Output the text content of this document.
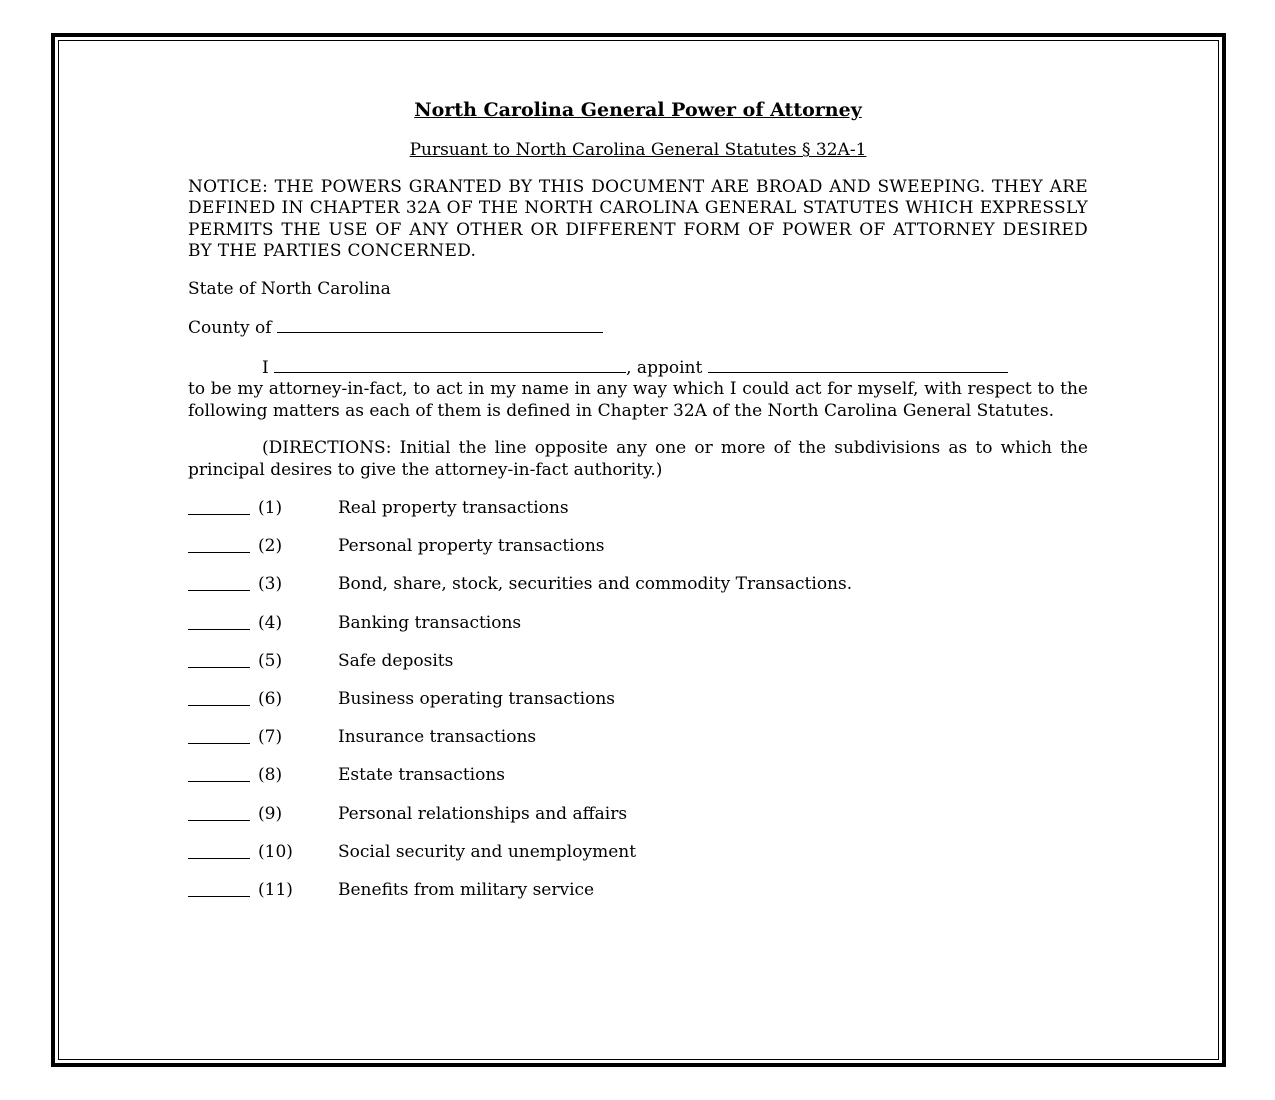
North Carolina General Power of Attorney

Pursuant to North Carolina General Statutes § 32A-1

NOTICE: THE POWERS GRANTED BY THIS DOCUMENT ARE BROAD AND SWEEPING. THEY ARE DEFINED IN CHAPTER 32A OF THE NORTH CAROLINA GENERAL STATUTES WHICH EXPRESSLY PERMITS THE USE OF ANY OTHER OR DIFFERENT FORM OF POWER OF ATTORNEY DESIRED BY THE PARTIES CONCERNED.

State of North Carolina

County of

I	, appoint
to be my attorney-in-fact, to act in my name in any way which I could act for myself, with respect to the following matters as each of them is defined in Chapter 32A of the North Carolina General Statutes.

(DIRECTIONS: Initial the line opposite any one or more of the subdivisions as to which the principal desires to give the attorney-in-fact authority.)

(1)	Real property transactions
(2)	Personal property transactions
(3)	Bond, share, stock, securities and commodity Transactions.
(4)	Banking transactions
(5)	Safe deposits
(6)	Business operating transactions
(7)	Insurance transactions
(8)	Estate transactions
(9)	Personal relationships and affairs
(10)	Social security and unemployment
(11)	Benefits from military service
